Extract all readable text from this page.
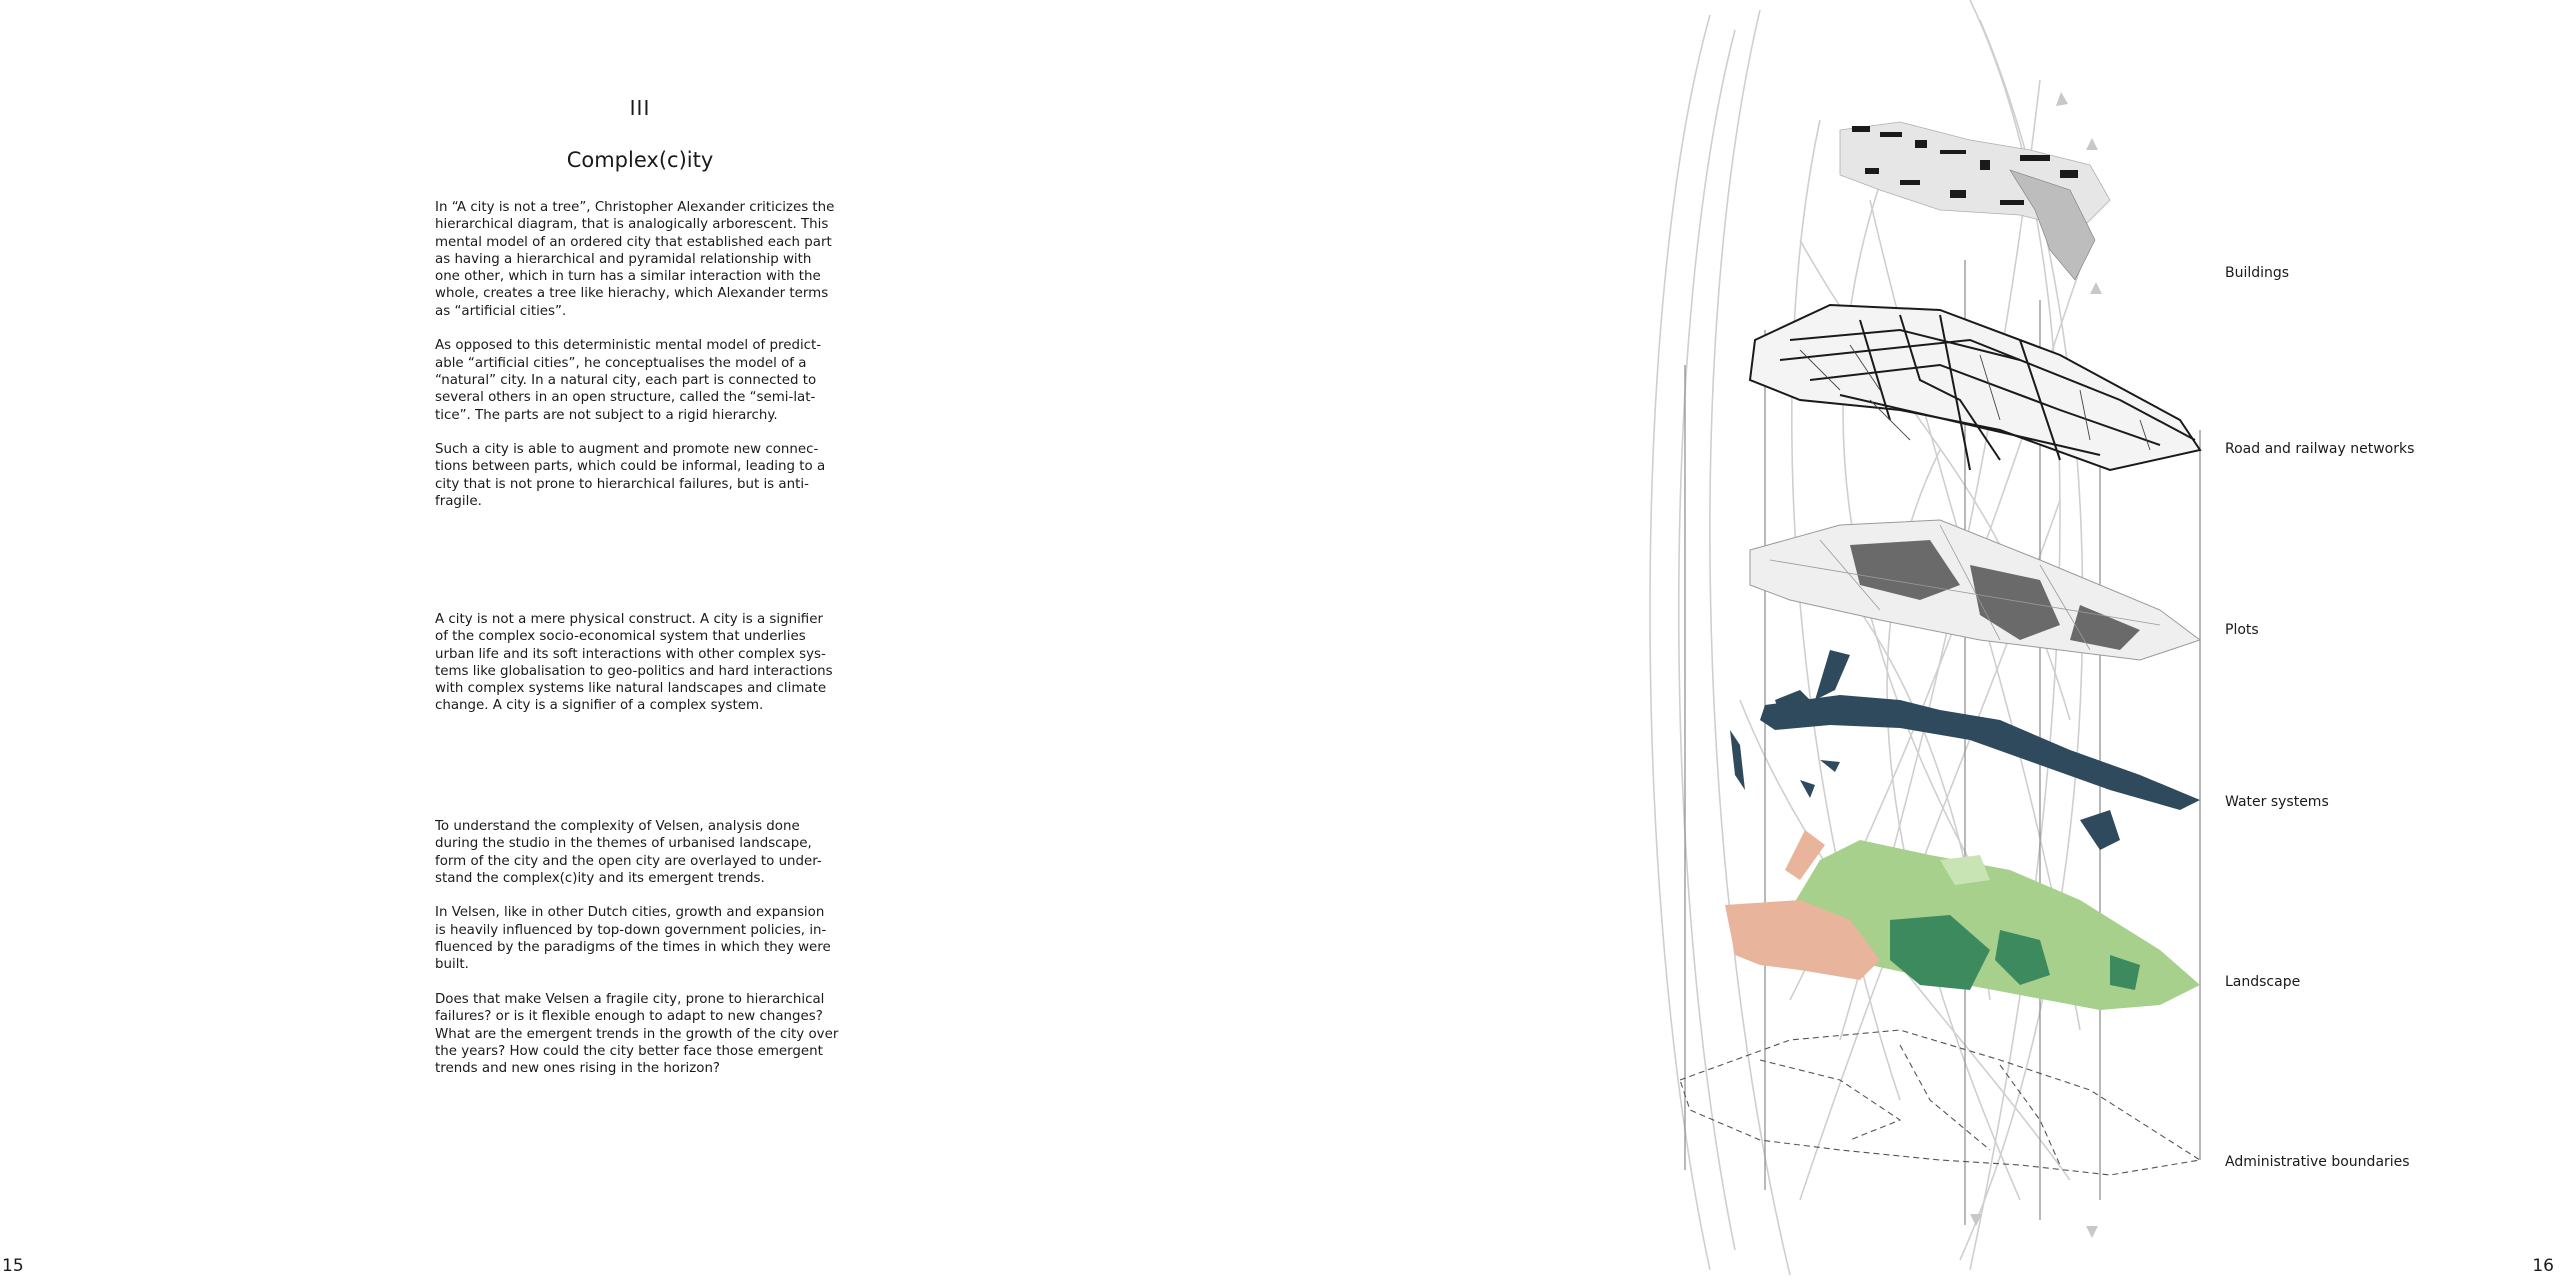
III
Complex(c)ity

In “A city is not a tree”, Christopher Alexander criticizes the
hierarchical diagram, that is analogically arborescent. This
mental model of an ordered city that established each part
as having a hierarchical and pyramidal relationship with
one other, which in turn has a similar interaction with the
whole, creates a tree like hierachy, which Alexander terms
as “artificial cities”.

As opposed to this deterministic mental model of predict-
able “artificial cities”, he conceptualises the model of a
“natural” city. In a natural city, each part is connected to
several others in an open structure, called the “semi-lat-
tice”. The parts are not subject to a rigid hierarchy.

Such a city is able to augment and promote new connec-
tions between parts, which could be informal, leading to a
city that is not prone to hierarchical failures, but is anti-
fragile.

A city is not a mere physical construct. A city is a signifier
of the complex socio-economical system that underlies
urban life and its soft interactions with other complex sys-
tems like globalisation to geo-politics and hard interactions
with complex systems like natural landscapes and climate
change. A city is a signifier of a complex system.

To understand the complexity of Velsen, analysis done
during the studio in the themes of urbanised landscape,
form of the city and the open city are overlayed to under-
stand the complex(c)ity and its emergent trends.

In Velsen, like in other Dutch cities, growth and expansion
is heavily influenced by top-down government policies, in-
fluenced by the paradigms of the times in which they were
built.

Does that make Velsen a fragile city, prone to hierarchical
failures? or is it flexible enough to adapt to new changes?
What are the emergent trends in the growth of the city over
the years? How could the city better face those emergent
trends and new ones rising in the horizon?

Buildings
Road and railway networks
Plots
Water systems
Landscape
Administrative boundaries
15	16
